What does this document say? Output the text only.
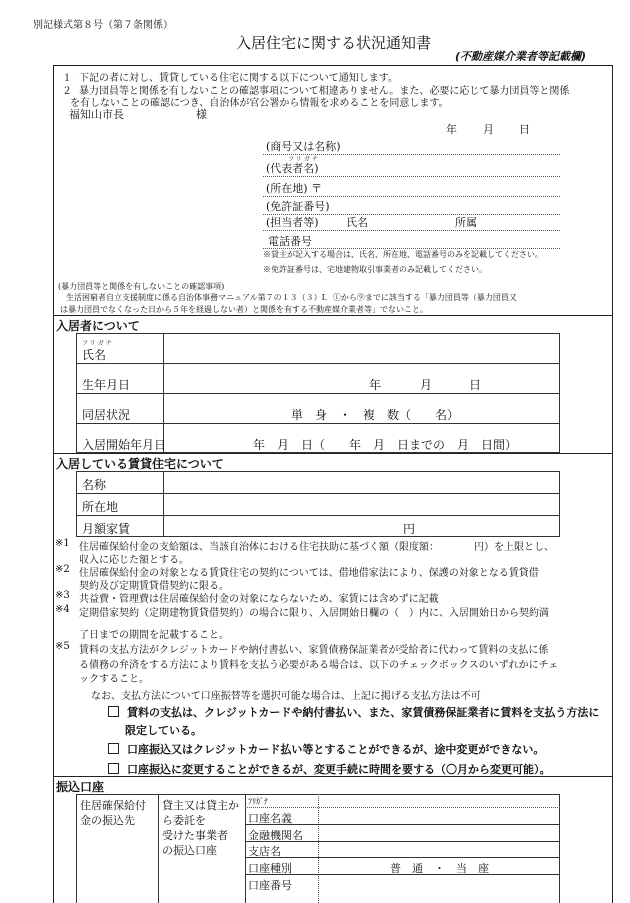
別記様式第８号（第７条関係）
入居住宅に関する状況通知書
(不動産媒介業者等記載欄)
１ 下記の者に対し、賃貸している住宅に関する以下について通知します。
２ 暴力団員等と関係を有しないことの確認事項について相違ありません。また、必要に応じて暴力団員等と関係
を有しないことの確認につき、自治体が官公署から情報を求めることを同意します。
福知山市長	様
年 月 日
(商号又は名称)
フリガナ
(代表者名)
(所在地) 〒
(免許証番号)
(担当者等) 氏名	所属
電話番号
※貸主が記入する場合は、氏名、所在地、電話番号のみを記載してください。
※免許証番号は、宅地建物取引事業者のみ記載してください。
(暴力団員等と関係を有しないことの確認事項)
生活困窮者自立支援制度に係る自治体事務マニュアル第７の１３（３）Ⅰ．①から⑨までに該当する「暴力団員等（暴力団員又
は暴力団員でなくなった日から５年を経過しない者）と関係を有する不動産媒介業者等」でないこと。
入居者について
フリガナ
氏名
生年月日	年	月	日
同居状況	単　身　・　複　数（　　名）
入居開始年月日	年　月　日（　　年　月　日までの　月　日間）
入居している賃貸住宅について
名称
所在地
月額家賃	円
※1 住居確保給付金の支給額は、当該自治体における住宅扶助に基づく額（限度額：　　　　円）を上限とし、
収入に応じた額とする。
※2 住居確保給付金の対象となる賃貸住宅の契約については、借地借家法により、保護の対象となる賃貸借
契約及び定期賃貸借契約に限る。
※3 共益費・管理費は住居確保給付金の対象にならないため、家賃には含めずに記載
※4 定期借家契約（定期建物賃貸借契約）の場合に限り、入居開始日欄の（　）内に、入居開始日から契約満
了日までの期間を記載すること。
※5 賃料の支払方法がクレジットカードや納付書払い、家賃債務保証業者が受給者に代わって賃料の支払に係
る債務の弁済をする方法により賃料を支払う必要がある場合は、以下のチェックボックスのいずれかにチェ
ックすること。
なお、支払方法について口座振替等を選択可能な場合は、上記に掲げる支払方法は不可
賃料の支払は、クレジットカードや納付書払い、また、家賃債務保証業者に賃料を支払う方法に
限定している。
口座振込又はクレジットカード払い等とすることができるが、途中変更ができない。
口座振込に変更することができるが、変更手続に時間を要する（〇月から変更可能）。
振込口座
住居確保給付
金の振込先
貸主又は貸主か
ら委託を
受けた事業者
の振込口座
ﾌﾘｶﾞﾅ
口座名義
金融機関名
支店名
口座種別	普　通　・　当　座
口座番号
